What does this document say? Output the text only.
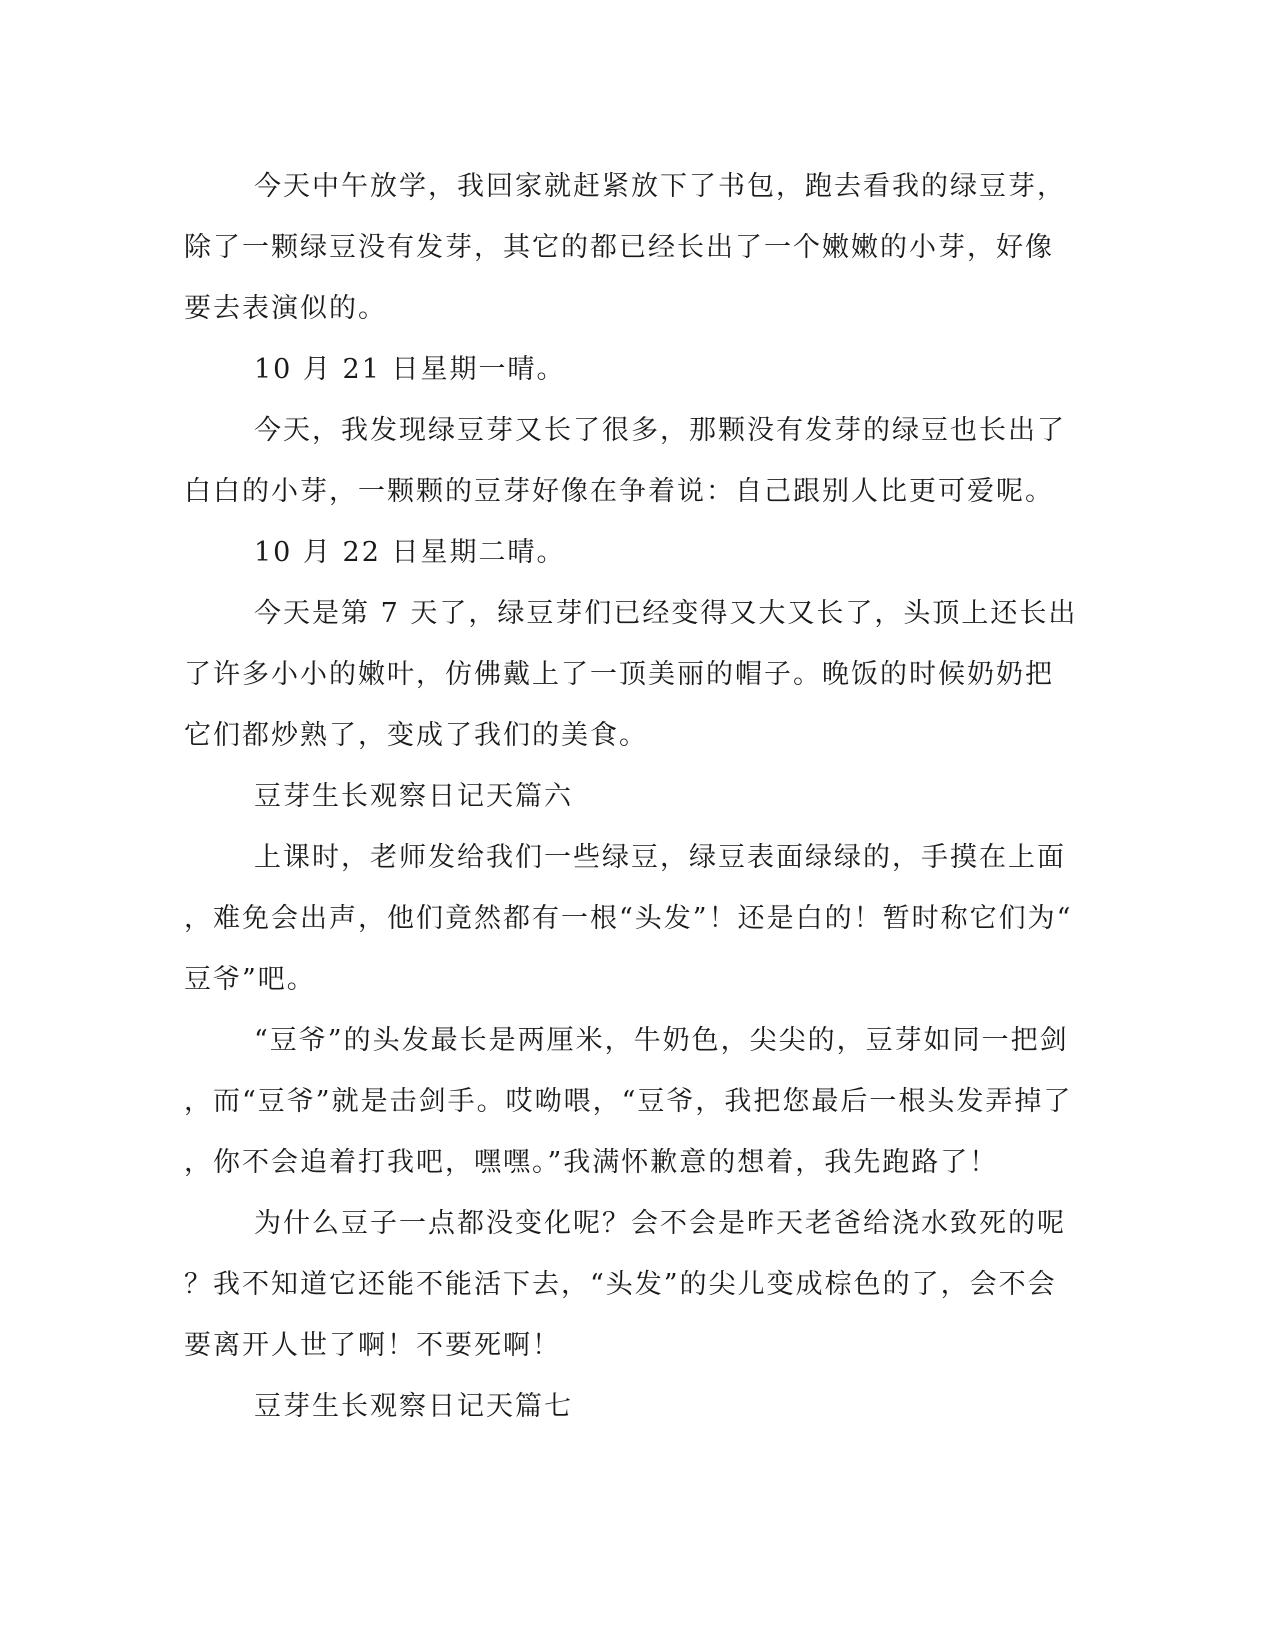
今天中午放学，我回家就赶紧放下了书包，跑去看我的绿豆芽，
除了一颗绿豆没有发芽，其它的都已经长出了一个嫩嫩的小芽，好像
要去表演似的。

10 月 21 日星期一晴。

今天，我发现绿豆芽又长了很多，那颗没有发芽的绿豆也长出了
白白的小芽，一颗颗的豆芽好像在争着说：自己跟别人比更可爱呢。

10 月 22 日星期二晴。

今天是第 7 天了，绿豆芽们已经变得又大又长了，头顶上还长出
了许多小小的嫩叶，仿佛戴上了一顶美丽的帽子。晚饭的时候奶奶把
它们都炒熟了，变成了我们的美食。

豆芽生长观察日记天篇六

上课时，老师发给我们一些绿豆，绿豆表面绿绿的，手摸在上面
，难免会出声，他们竟然都有一根“头发”！还是白的！暂时称它们为“
豆爷”吧。

“豆爷”的头发最长是两厘米，牛奶色，尖尖的，豆芽如同一把剑
，而“豆爷”就是击剑手。哎呦喂，“豆爷，我把您最后一根头发弄掉了
，你不会追着打我吧，嘿嘿。”我满怀歉意的想着，我先跑路了！

为什么豆子一点都没变化呢？会不会是昨天老爸给浇水致死的呢
？我不知道它还能不能活下去，“头发”的尖儿变成棕色的了，会不会
要离开人世了啊！不要死啊！

豆芽生长观察日记天篇七
